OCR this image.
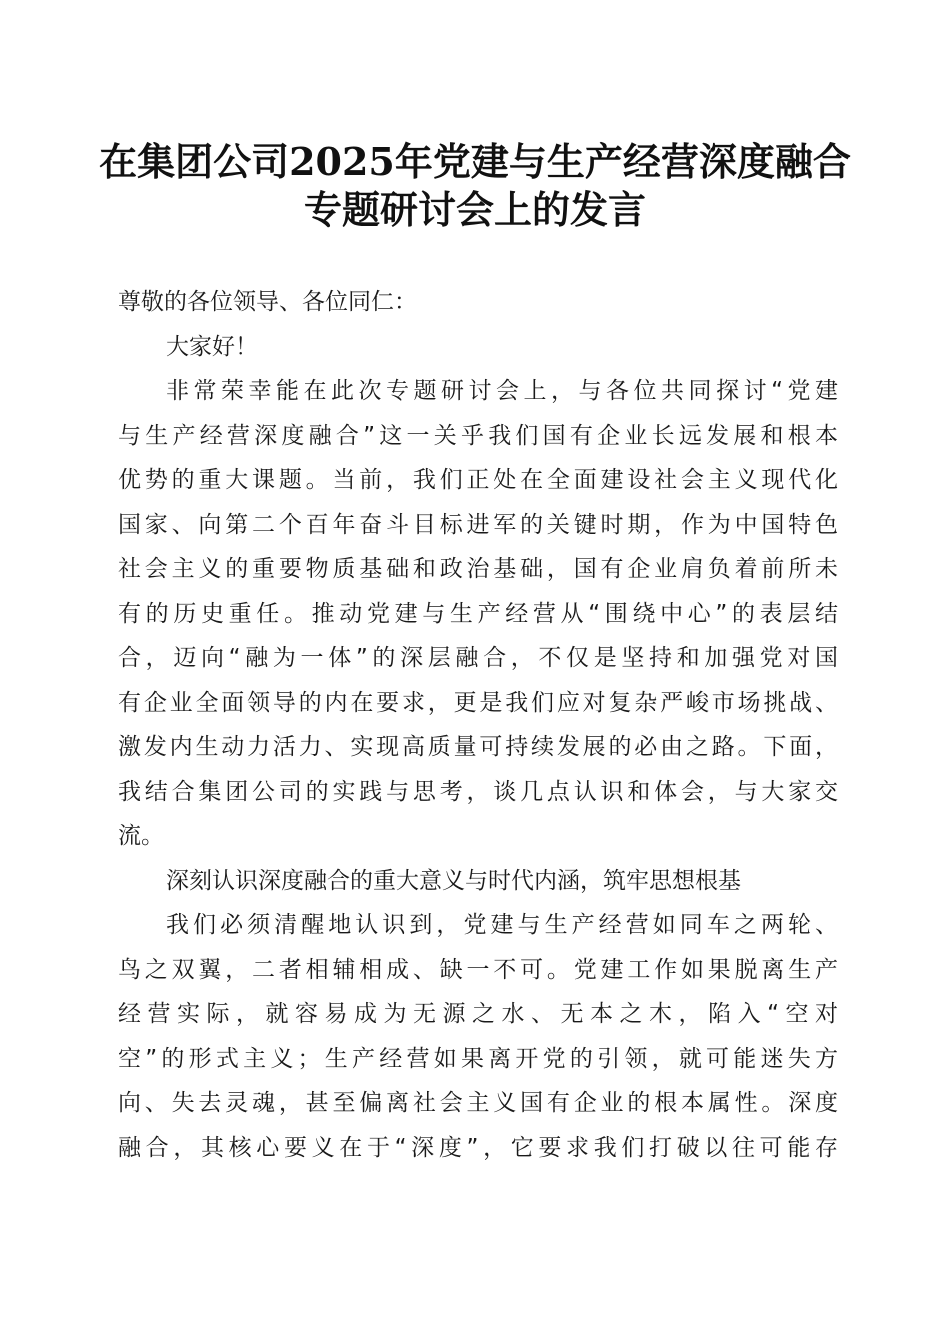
在集团公司2025年党建与生产经营深度融合
专题研讨会上的发言
尊敬的各位领导、各位同仁：
大家好！
非常荣幸能在此次专题研讨会上，与各位共同探讨“党建
与生产经营深度融合”这一关乎我们国有企业长远发展和根本
优势的重大课题。当前，我们正处在全面建设社会主义现代化
国家、向第二个百年奋斗目标进军的关键时期，作为中国特色
社会主义的重要物质基础和政治基础，国有企业肩负着前所未
有的历史重任。推动党建与生产经营从“围绕中心”的表层结
合，迈向“融为一体”的深层融合，不仅是坚持和加强党对国
有企业全面领导的内在要求，更是我们应对复杂严峻市场挑战、
激发内生动力活力、实现高质量可持续发展的必由之路。下面，
我结合集团公司的实践与思考，谈几点认识和体会，与大家交
流。
深刻认识深度融合的重大意义与时代内涵，筑牢思想根基
我们必须清醒地认识到，党建与生产经营如同车之两轮、
鸟之双翼，二者相辅相成、缺一不可。党建工作如果脱离生产
经营实际，就容易成为无源之水、无本之木，陷入“空对
空”的形式主义；生产经营如果离开党的引领，就可能迷失方
向、失去灵魂，甚至偏离社会主义国有企业的根本属性。深度
融合，其核心要义在于“深度”，它要求我们打破以往可能存
